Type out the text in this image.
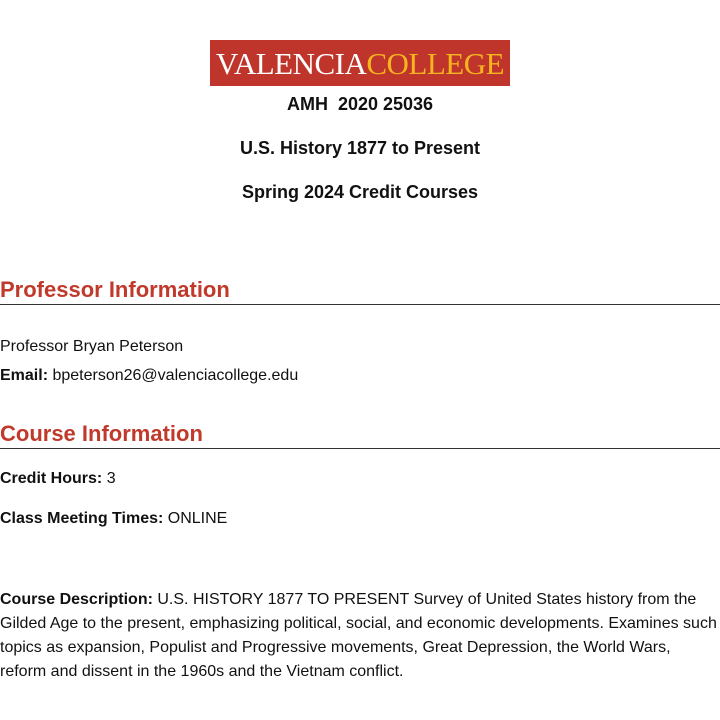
VALENCIA COLLEGE
AMH  2020 25036
U.S. History 1877 to Present
Spring 2024 Credit Courses
Professor Information
Professor Bryan Peterson
Email: bpeterson26@valenciacollege.edu
Course Information
Credit Hours: 3
Class Meeting Times: ONLINE
Course Description: U.S. HISTORY 1877 TO PRESENT Survey of United States history from the Gilded Age to the present, emphasizing political, social, and economic developments. Examines such topics as expansion, Populist and Progressive movements, Great Depression, the World Wars, reform and dissent in the 1960s and the Vietnam conflict.
